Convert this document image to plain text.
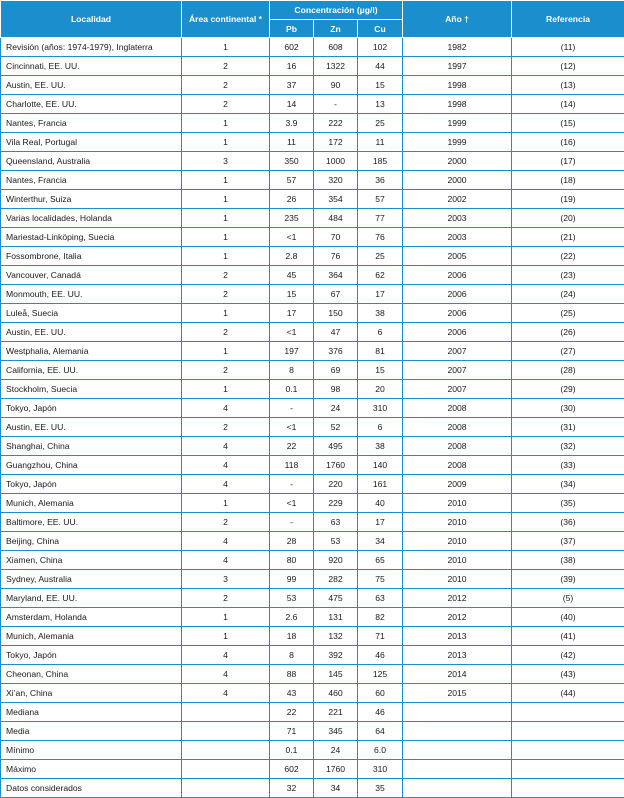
Localidad	Área continental *	Concentración (µg/l)			Año †	Referencia
		Pb	Zn	Cu		
Revisión (años: 1974-1979), Inglaterra	1	602	608	102	1982	(11)
Cincinnati, EE. UU.	2	16	1322	44	1997	(12)
Austin, EE. UU.	2	37	90	15	1998	(13)
Charlotte, EE. UU.	2	14	-	13	1998	(14)
Nantes, Francia	1	3.9	222	25	1999	(15)
Vila Real, Portugal	1	11	172	11	1999	(16)
Queensland, Australia	3	350	1000	185	2000	(17)
Nantes, Francia	1	57	320	36	2000	(18)
Winterthur, Suiza	1	26	354	57	2002	(19)
Varias localidades, Holanda	1	235	484	77	2003	(20)
Mariestad-Linköping, Suecia	1	<1	70	76	2003	(21)
Fossombrone, Italia	1	2.8	76	25	2005	(22)
Vancouver, Canadá	2	45	364	62	2006	(23)
Monmouth, EE. UU.	2	15	67	17	2006	(24)
Luleå, Suecia	1	17	150	38	2006	(25)
Austin, EE. UU.	2	<1	47	6	2006	(26)
Westphalia, Alemania	1	197	376	81	2007	(27)
California, EE. UU.	2	8	69	15	2007	(28)
Stockholm, Suecia	1	0.1	98	20	2007	(29)
Tokyo, Japón	4	-	24	310	2008	(30)
Austin, EE. UU.	2	<1	52	6	2008	(31)
Shanghai, China	4	22	495	38	2008	(32)
Guangzhou, China	4	118	1760	140	2008	(33)
Tokyo, Japón	4	-	220	161	2009	(34)
Munich, Alemania	1	<1	229	40	2010	(35)
Baltimore, EE. UU.	2	-	63	17	2010	(36)
Beijing, China	4	28	53	34	2010	(37)
Xiamen, China	4	80	920	65	2010	(38)
Sydney, Australia	3	99	282	75	2010	(39)
Maryland, EE. UU.	2	53	475	63	2012	(5)
Amsterdam, Holanda	1	2.6	131	82	2012	(40)
Munich, Alemania	1	18	132	71	2013	(41)
Tokyo, Japón	4	8	392	46	2013	(42)
Cheonan, China	4	88	145	125	2014	(43)
Xi’an, China	4	43	460	60	2015	(44)
Mediana		22	221	46		
Media		71	345	64		
Mínimo		0.1	24	6.0		
Máximo		602	1760	310		
Datos considerados		32	34	35		
